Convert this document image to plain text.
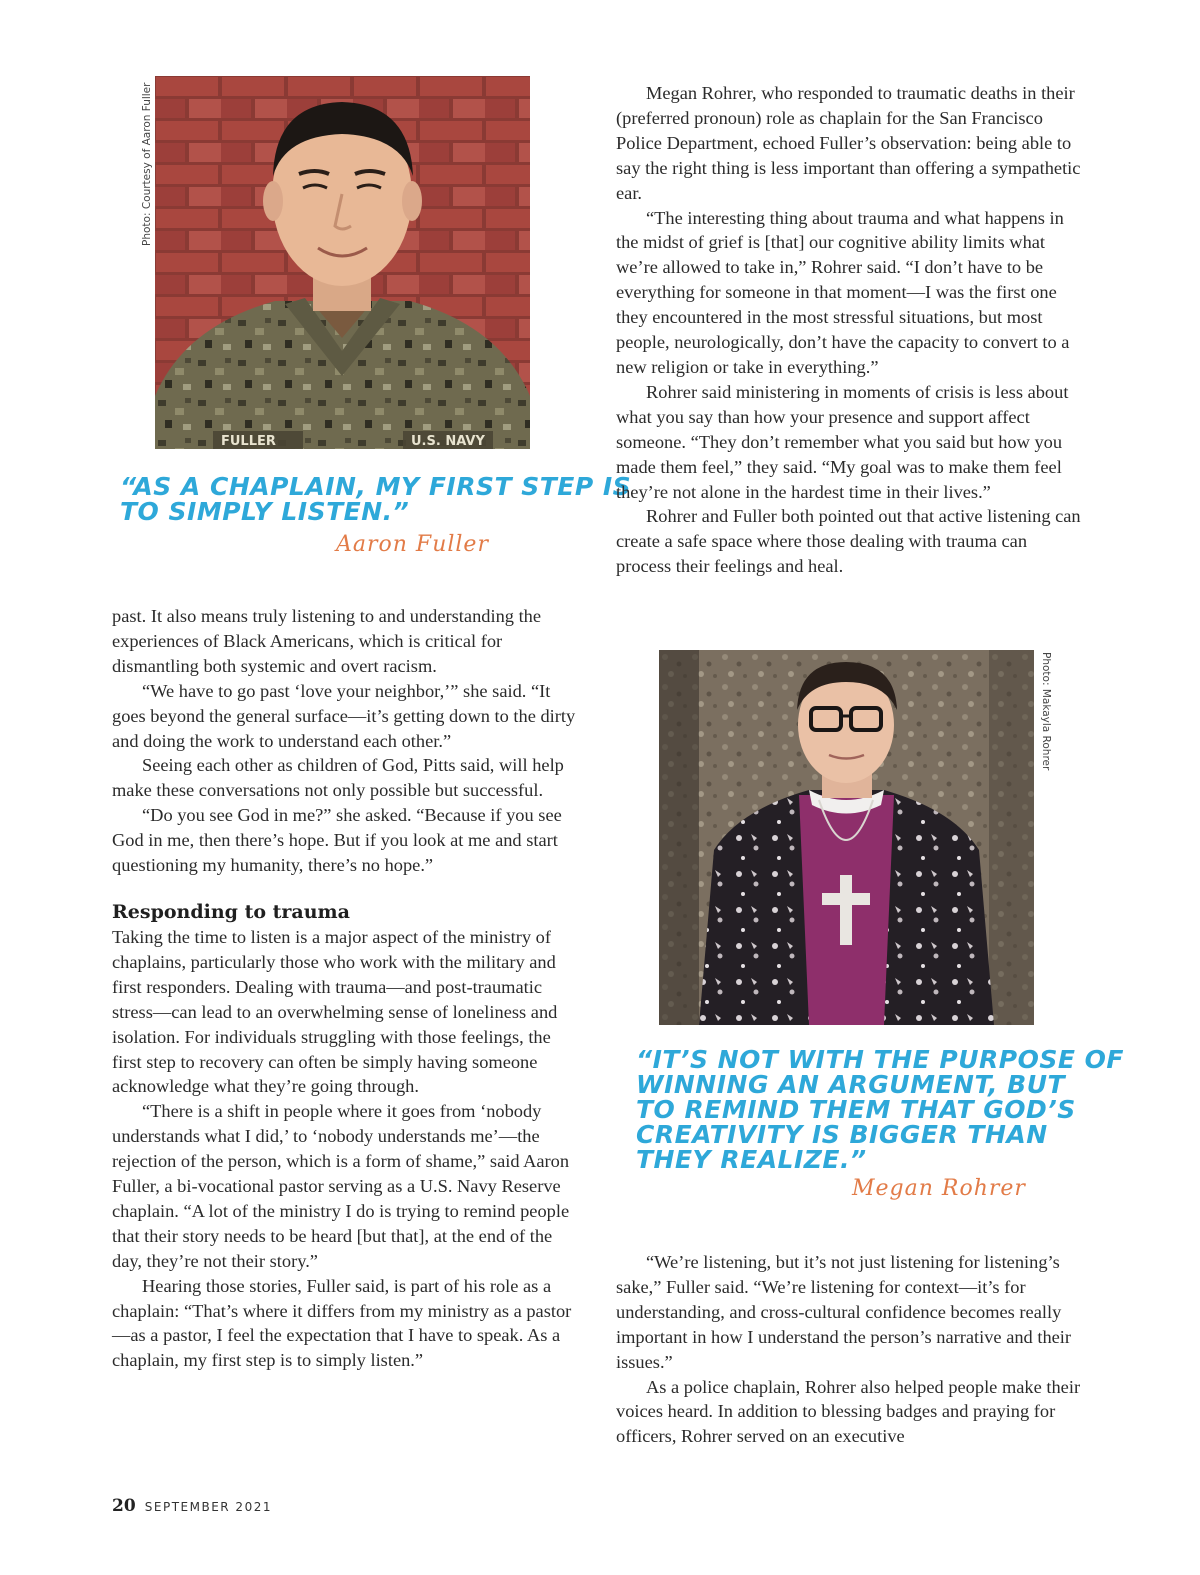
Photo: Courtesy of Aaron Fuller
FULLER	U.S. NAVY
“AS A CHAPLAIN, MY FIRST STEP IS
TO SIMPLY LISTEN.”
Aaron Fuller

past. It also means truly listening to and understanding the experiences of Black Americans, which is critical for dismantling both systemic and overt racism.

“We have to go past ‘love your neighbor,’” she said. “It goes beyond the general surface—it’s getting down to the dirty and doing the work to understand each other.”

Seeing each other as children of God, Pitts said, will help make these conversations not only possible but successful.

“Do you see God in me?” she asked. “Because if you see God in me, then there’s hope. But if you look at me and start questioning my humanity, there’s no hope.”

Responding to trauma

Taking the time to listen is a major aspect of the ministry of chaplains, particularly those who work with the military and first responders. Dealing with trauma—and post-traumatic stress—can lead to an overwhelming sense of loneliness and isolation. For individuals struggling with those feelings, the first step to recovery can often be simply having someone acknowledge what they’re going through.

“There is a shift in people where it goes from ‘nobody understands what I did,’ to ‘nobody understands me’—the rejection of the person, which is a form of shame,” said Aaron Fuller, a bi-vocational pastor serving as a U.S. Navy Reserve chaplain. “A lot of the ministry I do is trying to remind people that their story needs to be heard [but that], at the end of the day, they’re not their story.”

Hearing those stories, Fuller said, is part of his role as a chaplain: “That’s where it differs from my ministry as a pastor—as a pastor, I feel the expectation that I have to speak. As a chaplain, my first step is to simply listen.”

Megan Rohrer, who responded to traumatic deaths in their (preferred pronoun) role as chaplain for the San Francisco Police Department, echoed Fuller’s observation: being able to say the right thing is less important than offering a sympathetic ear.

“The interesting thing about trauma and what happens in the midst of grief is [that] our cognitive ability limits what we’re allowed to take in,” Rohrer said. “I don’t have to be everything for someone in that moment—I was the first one they encountered in the most stressful situations, but most people, neurologically, don’t have the capacity to convert to a new religion or take in everything.”

Rohrer said ministering in moments of crisis is less about what you say than how your presence and support affect someone. “They don’t remember what you said but how you made them feel,” they said. “My goal was to make them feel they’re not alone in the hardest time in their lives.”

Rohrer and Fuller both pointed out that active listening can create a safe space where those dealing with trauma can process their feelings and heal.

Photo: Makayla Rohrer
“IT’S NOT WITH THE PURPOSE OF
WINNING AN ARGUMENT, BUT
TO REMIND THEM THAT GOD’S
CREATIVITY IS BIGGER THAN
THEY REALIZE.”
Megan Rohrer

“We’re listening, but it’s not just listening for listening’s sake,” Fuller said. “We’re listening for context—it’s for understanding, and cross-cultural confidence becomes really important in how I understand the person’s narrative and their issues.”

As a police chaplain, Rohrer also helped people make their voices heard. In addition to blessing badges and praying for officers, Rohrer served on an executive

20 SEPTEMBER 2021
